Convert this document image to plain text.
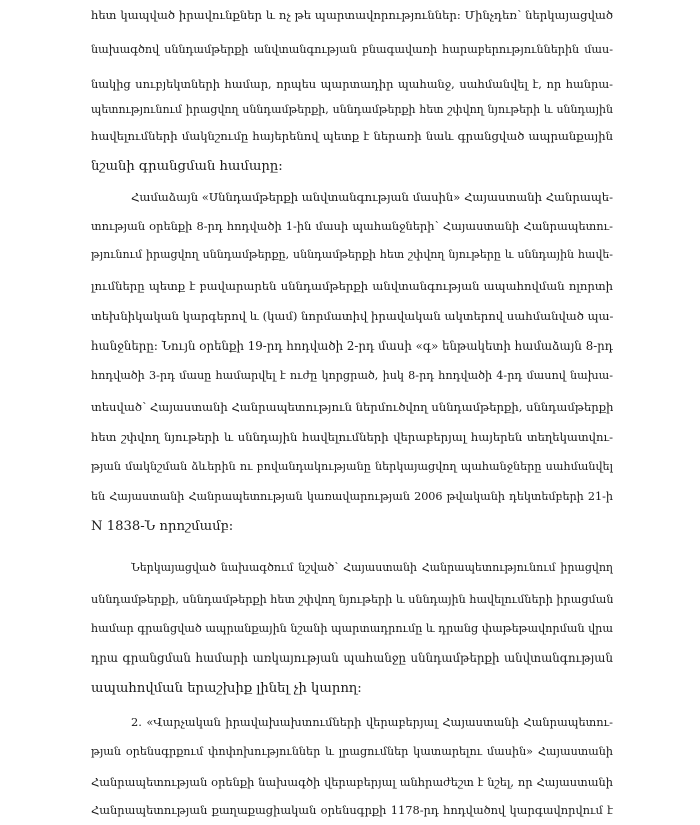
հետ կապված իրավունքներ և ոչ թե պարտավորություններ: Մինչդեռ՝ ներկայացված
նախագծով սննդամթերքի անվտանգության բնագավառի հարաբերություններին մաս-
նակից սուբյեկտների համար, որպես պարտադիր պահանջ, սահմանվել է, որ հանրա-
պետությունում իրացվող սննդամթերքի, սննդամթերքի հետ շփվող նյութերի և սննդային
հավելումների մակնշումը հայերենով պետք է ներառի նաև գրանցված ապրանքային
նշանի գրանցման համարը:
Համաձայն «Սննդամթերքի անվտանգության մասին» Հայաստանի Հանրապե-
տության օրենքի 8-րդ հոդվածի 1-ին մասի պահանջների՝ Հայաստանի Հանրապետու-
թյունում իրացվող սննդամթերքը, սննդամթերքի հետ շփվող նյութերը և սննդային հավե-
լումները պետք է բավարարեն սննդամթերքի անվտանգության ապահովման ոլորտի
տեխնիկական կարգերով և (կամ) նորմատիվ իրավական ակտերով սահմանված պա-
հանջները: Նույն օրենքի 19-րդ հոդվածի 2-րդ մասի «գ» ենթակետի համաձայն 8-րդ
հոդվածի 3-րդ մասը համարվել է ուժը կորցրած, իսկ 8-րդ հոդվածի 4-րդ մասով նախա-
տեսված՝ Հայաստանի Հանրապետություն ներմուծվող սննդամթերքի, սննդամթերքի
հետ շփվող նյութերի և սննդային հավելումների վերաբերյալ հայերեն տեղեկատվու-
թյան մակնշման ձևերին ու բովանդակությանը ներկայացվող պահանջները սահմանվել
են Հայաստանի Հանրապետության կառավարության 2006 թվականի դեկտեմբերի 21-ի
N 1838-Ն որոշմամբ:
Ներկայացված նախագծում նշված՝ Հայաստանի Հանրապետությունում իրացվող
սննդամթերքի, սննդամթերքի հետ շփվող նյութերի և սննդային հավելումների իրացման
համար գրանցված ապրանքային նշանի պարտադրումը և դրանց փաթեթավորման վրա
դրա գրանցման համարի առկայության պահանջը սննդամթերքի անվտանգության
ապահովման երաշխիք լինել չի կարող:
2. «Վարչական իրավախախտումների վերաբերյալ Հայաստանի Հանրապետու-
թյան օրենսգրքում փոփոխություններ և լրացումներ կատարելու մասին» Հայաստանի
Հանրապետության օրենքի նախագծի վերաբերյալ անհրաժեշտ է նշել, որ Հայաստանի
Հանրապետության քաղաքացիական օրենսգրքի 1178-րդ հոդվածով կարգավորվում է
